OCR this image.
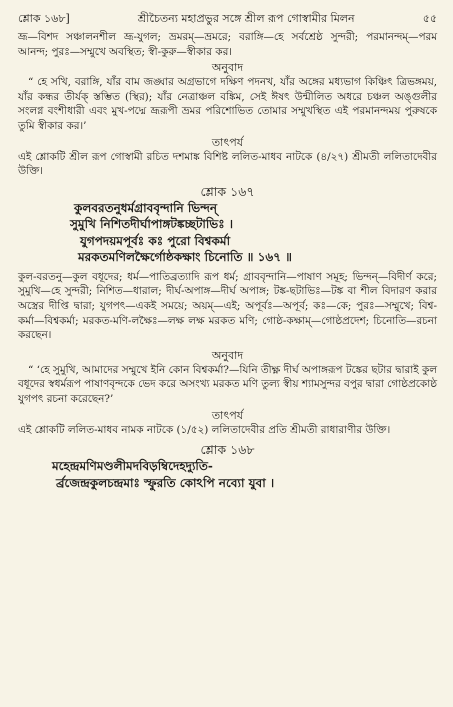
শ্লোক ১৬৮]	শ্রীচৈতন্য মহাপ্রভুর সঙ্গে শ্রীল রূপ গোস্বামীর মিলন	৫৫

ভ্রূ—বিশদ সঞ্চালনশীল ভ্রূ-যুগল; ভ্রমরম্—ভ্রমরে; বরাঙ্গি—হে সর্বশ্রেষ্ঠ সুন্দরী; পরমানন্দম্—পরম আনন্দ; পুরঃ—সম্মুখে অবস্থিত; স্বী-কুরু—স্বীকার কর।

অনুবাদ

“ হে সখি, বরাঙ্গি, যাঁর বাম জঙ্ঘার অগ্রভাগে দক্ষিণ পদনখ, যাঁর অঙ্গের মধ্যভাগ কিঞ্চিৎ ত্রিভঙ্গময়, যাঁর কন্ধর তীর্যক্ স্তম্ভিত (স্থির); যাঁর নেত্রাঞ্চল বঙ্কিম, সেই ঈষৎ উন্মীলিত অধরে চঞ্চল অঙ্গুলীর সংলগ্ন বংশীধারী এবং মুখ-পদ্মে ভ্রূরূপী ভ্রমর পরিশোভিত তোমার সম্মুখস্থিত এই পরমানন্দময় পুরুষকে তুমি স্বীকার কর।’

তাৎপর্য

এই শ্লোকটি শ্রীল রূপ গোস্বামী রচিত দশমাঙ্ক বিশিষ্ট ললিত-মাধব নাটকে (৪/২৭) শ্রীমতী ললিতাদেবীর উক্তি।

শ্লোক ১৬৭

কুলবরতনুধর্মগ্রাববৃন্দানি ভিন্দন্

সুমুখি নিশিতদীর্ঘাপাঙ্গটঙ্কচ্ছটাভিঃ ।

যুগপদয়মপূর্বঃ কঃ পুরো বিশ্বকর্মা

মরকতমণিলক্ষৈর্গোষ্ঠকক্ষাং চিনোতি ॥ ১৬৭ ॥

কুল-বরতনু—কুল বধূদের; ধর্ম—পাতিব্রত্যাদি রূপ ধর্ম; গ্রাববৃন্দানি—পাষাণ সমূহ; ভিন্দন্—বিদীর্ণ করে; সুমুখি—হে সুন্দরী; নিশিত—ধারাল; দীর্ঘ-অপাঙ্গ—দীর্ঘ অপাঙ্গ; টঙ্ক-ছটাভিঃ—টঙ্ক বা শীল বিদারণ করার অস্ত্রের দীপ্তি দ্বারা; যুগপৎ—একই সময়ে; অয়ম্—এই; অপূর্বঃ—অপূর্ব; কঃ—কে; পুরঃ—সম্মুখে; বিশ্ব-কর্মা—বিশ্বকর্মা; মরকত-মণি-লক্ষৈঃ—লক্ষ লক্ষ মরকত মণি; গোষ্ঠ-কক্ষাম্—গোষ্ঠপ্রদেশ; চিনোতি—রচনা করছেন।

অনুবাদ

“ ‘হে সুমুখি, আমাদের সম্মুখে ইনি কোন বিশ্বকর্মা?—যিনি তীক্ষ্ণ দীর্ঘ অপাঙ্গরূপ টঙ্কের ছটার দ্বারাই কুল বধূদের স্বধর্মরূপ পাষাণবৃন্দকে ভেদ করে অসংখ্য মরকত মণি তুল্য স্বীয় শ্যামসুন্দর বপুর দ্বারা গোষ্ঠপ্রকোষ্ঠ যুগপৎ রচনা করেছেন?’

তাৎপর্য

এই শ্লোকটি ললিত-মাধব নামক নাটকে (১/৫২) ললিতাদেবীর প্রতি শ্রীমতী রাধারাণীর উক্তি।

শ্লোক ১৬৮

মহেন্দ্রমণিমণ্ডলীমদবিড়ম্বিদেহদ্যুতি-

র্ব্রজেন্দ্রকুলচন্দ্রমাঃ স্ফুরতি কোঽপি নব্যো যুবা ।
